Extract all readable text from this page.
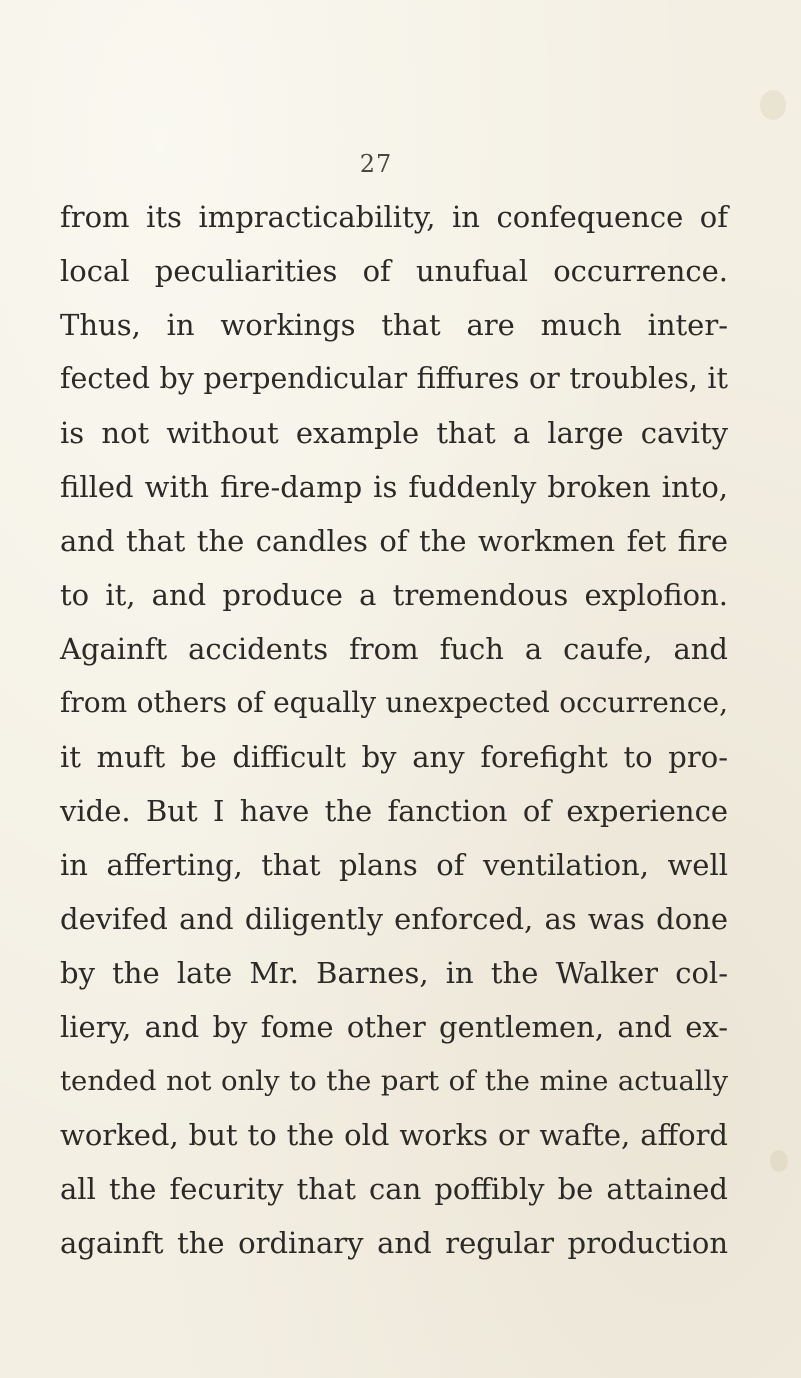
27
from its impracticability, in confequence of
local peculiarities of unufual occurrence.
Thus, in workings that are much inter-
fected by perpendicular fiffures or troubles, it
is not without example that a large cavity
filled with fire-damp is fuddenly broken into,
and that the candles of the workmen fet fire
to it, and produce a tremendous explofion.
Againft accidents from fuch a caufe, and
from others of equally unexpected occurrence,
it muft be difficult by any forefight to pro-
vide. But I have the fanction of experience
in afferting, that plans of ventilation, well
devifed and diligently enforced, as was done
by the late Mr. Barnes, in the Walker col-
liery, and by fome other gentlemen, and ex-
tended not only to the part of the mine actually
worked, but to the old works or wafte, afford
all the fecurity that can poffibly be attained
againft the ordinary and regular production
